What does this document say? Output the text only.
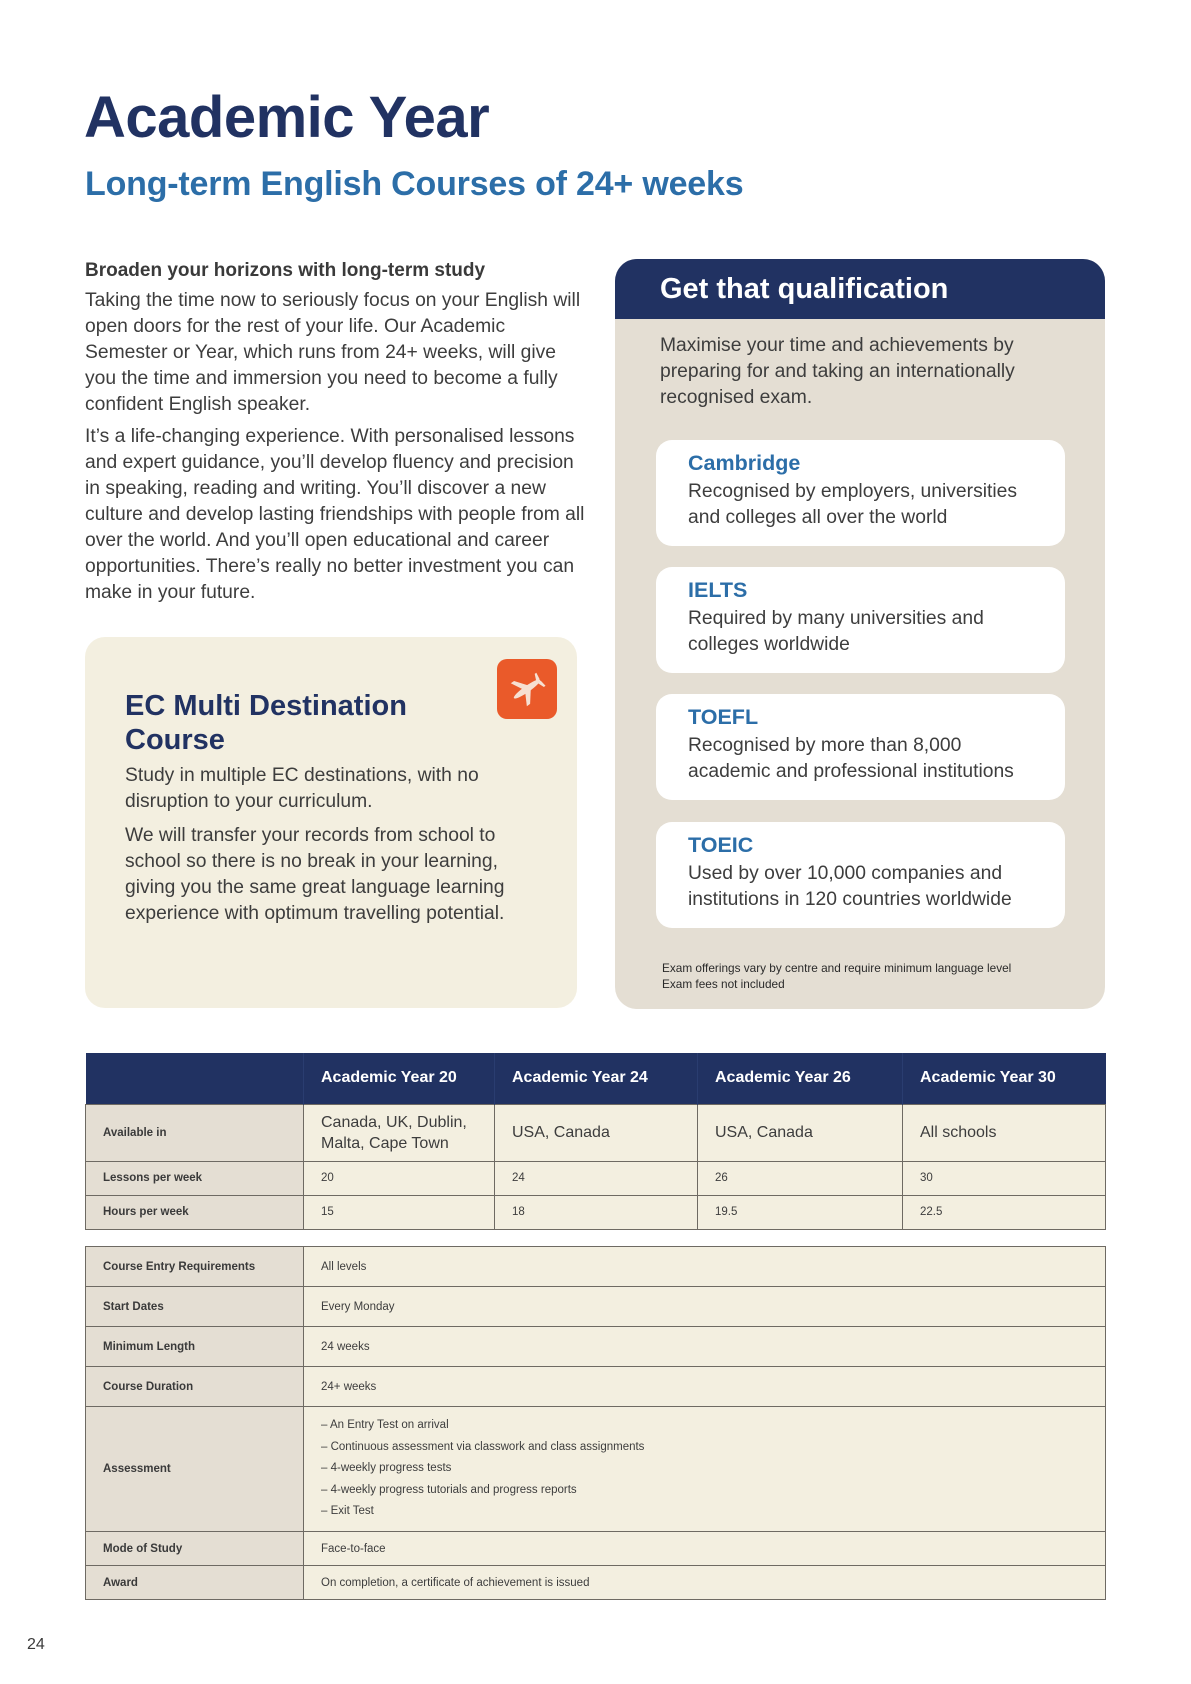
Academic Year
Long-term English Courses of 24+ weeks
Broaden your horizons with long-term study

Taking the time now to seriously focus on your English will open doors for the rest of your life. Our Academic Semester or Year, which runs from 24+ weeks, will give you the time and immersion you need to become a fully confident English speaker.

It’s a life-changing experience. With personalised lessons and expert guidance, you’ll develop fluency and precision in speaking, reading and writing. You’ll discover a new culture and develop lasting friendships with people from all over the world. And you’ll open educational and career opportunities. There’s really no better investment you can make in your future.

EC Multi Destination Course

Study in multiple EC destinations, with no disruption to your curriculum.

We will transfer your records from school to school so there is no break in your learning, giving you the same great language learning experience with optimum travelling potential.

Get that qualification

Maximise your time and achievements by preparing for and taking an internationally recognised exam.

Cambridge

Recognised by employers, universities and colleges all over the world

IELTS

Required by many universities and colleges worldwide

TOEFL

Recognised by more than 8,000 academic and professional institutions

TOEIC

Used by over 10,000 companies and institutions in 120 countries worldwide

Exam offerings vary by centre and require minimum language level
Exam fees not included
	Academic Year 20	Academic Year 24	Academic Year 26	Academic Year 30
Available in	Canada, UK, Dublin, Malta, Cape Town	USA, Canada	USA, Canada	All schools
Lessons per week	20	24	26	30
Hours per week	15	18	19.5	22.5
Course Entry Requirements	All levels
Start Dates	Every Monday
Minimum Length	24 weeks
Course Duration	24+ weeks
Assessment	
– An Entry Test on arrival
– Continuous assessment via classwork and class assignments
– 4-weekly progress tests
– 4-weekly progress tutorials and progress reports
– Exit Test

Mode of Study	Face-to-face
Award	On completion, a certificate of achievement is issued
24
